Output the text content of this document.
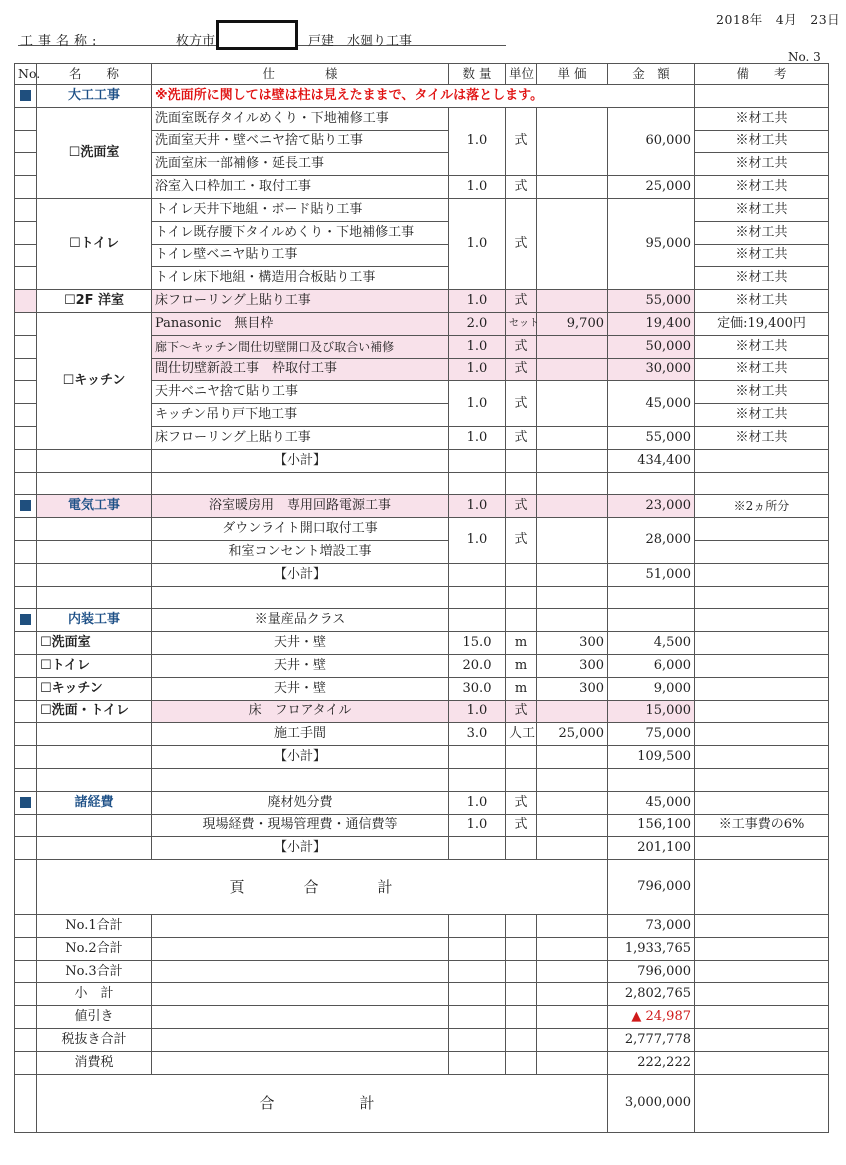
2018年　4月　23日
工事名称:	枚方市	戸建　水廻り工事
No. 3
No.	名　　称	仕　　　　様	数 量	単位	単 価	金　額	備　　考
	大工工事	※洗面所に関しては壁は柱は見えたままで、タイルは落とします。					
	☐洗面室	洗面室既存タイルめくり・下地補修工事	1.0	式		60,000	※材工共
		洗面室天井・壁ベニヤ捨て貼り工事					※材工共
		洗面室床一部補修・延長工事					※材工共
		浴室入口枠加工・取付工事	1.0	式		25,000	※材工共
	☐トイレ	トイレ天井下地組・ボード貼り工事	1.0	式		95,000	※材工共
		トイレ既存腰下タイルめくり・下地補修工事					※材工共
		トイレ壁ベニヤ貼り工事					※材工共
		トイレ床下地組・構造用合板貼り工事					※材工共
	☐2F 洋室	床フローリング上貼り工事	1.0	式		55,000	※材工共
	☐キッチン	Panasonic　無目枠	2.0	セット	9,700	19,400	定価:19,400円
		廊下～キッチン間仕切壁開口及び取合い補修	1.0	式		50,000	※材工共
		間仕切壁新設工事　枠取付工事	1.0	式		30,000	※材工共
		天井ベニヤ捨て貼り工事	1.0	式		45,000	※材工共
		キッチン吊り戸下地工事					※材工共
		床フローリング上貼り工事	1.0	式		55,000	※材工共
		【小計】				434,400	

	電気工事	浴室暖房用　専用回路電源工事	1.0	式		23,000	※2ヵ所分
		ダウンライト開口取付工事	1.0	式		28,000	
		和室コンセント増設工事					
		【小計】				51,000	

	内装工事	※量産品クラス					
	☐洗面室	天井・壁	15.0	m	300	4,500	
	☐トイレ	天井・壁	20.0	m	300	6,000	
	☐キッチン	天井・壁	30.0	m	300	9,000	
	☐洗面・トイレ	床　フロアタイル	1.0	式		15,000	
		施工手間	3.0	人工	25,000	75,000	
		【小計】				109,500	

	諸経費	廃材処分費	1.0	式		45,000	
		現場経費・現場管理費・通信費等	1.0	式		156,100	※工事費の6%
		【小計】				201,100	
	頁　合　計					796,000	
	No.1合計					73,000	
	No.2合計					1,933,765	
	No.3合計					796,000	
	小　計					2,802,765	
	値引き					▲ 24,987	
	税抜き合計					2,777,778	
	消費税					222,222	
	合　　　計					3,000,000	
